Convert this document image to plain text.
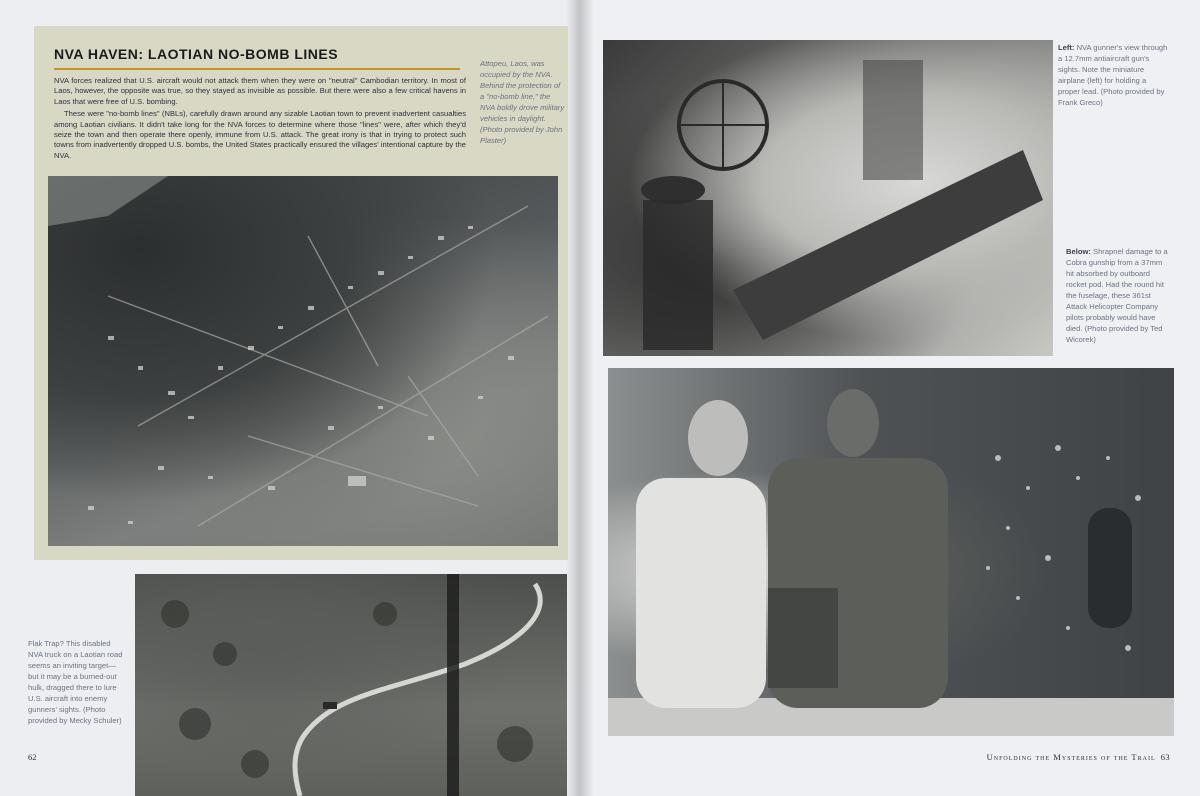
NVA HAVEN: LAOTIAN NO-BOMB LINES

NVA forces realized that U.S. aircraft would not attack them when they were on "neutral" Cambodian territory. In most of Laos, however, the opposite was true, so they stayed as invisible as possible. But there were also a few critical havens in Laos that were free of U.S. bombing.

These were "no-bomb lines" (NBLs), carefully drawn around any sizable Laotian town to prevent inadvertent casualties among Laotian civilians. It didn't take long for the NVA forces to determine where those "lines" were, after which they'd seize the town and then operate there openly, immune from U.S. attack. The great irony is that in trying to protect such towns from inadvertently dropped U.S. bombs, the United States practically ensured the villages' intentional capture by the NVA.

Attopeu, Laos, was occupied by the NVA. Behind the protection of a "no-bomb line," the NVA boldly drove military vehicles in daylight. (Photo provided by John Plaster)
Flak Trap? This disabled NVA truck on a Laotian road seems an inviting target—but it may be a burned-out hulk, dragged there to lure U.S. aircraft into enemy gunners' sights. (Photo provided by Mecky Schuler)
Left: NVA gunner's view through a 12.7mm antiaircraft gun's sights. Note the miniature airplane (left) for holding a proper lead. (Photo provided by Frank Greco)
Below: Shrapnel damage to a Cobra gunship from a 37mm hit absorbed by outboard rocket pod. Had the round hit the fuselage, these 361st Attack Helicopter Company pilots probably would have died. (Photo provided by Ted Wicorek)
62	Unfolding the Mysteries of the Trail 63
